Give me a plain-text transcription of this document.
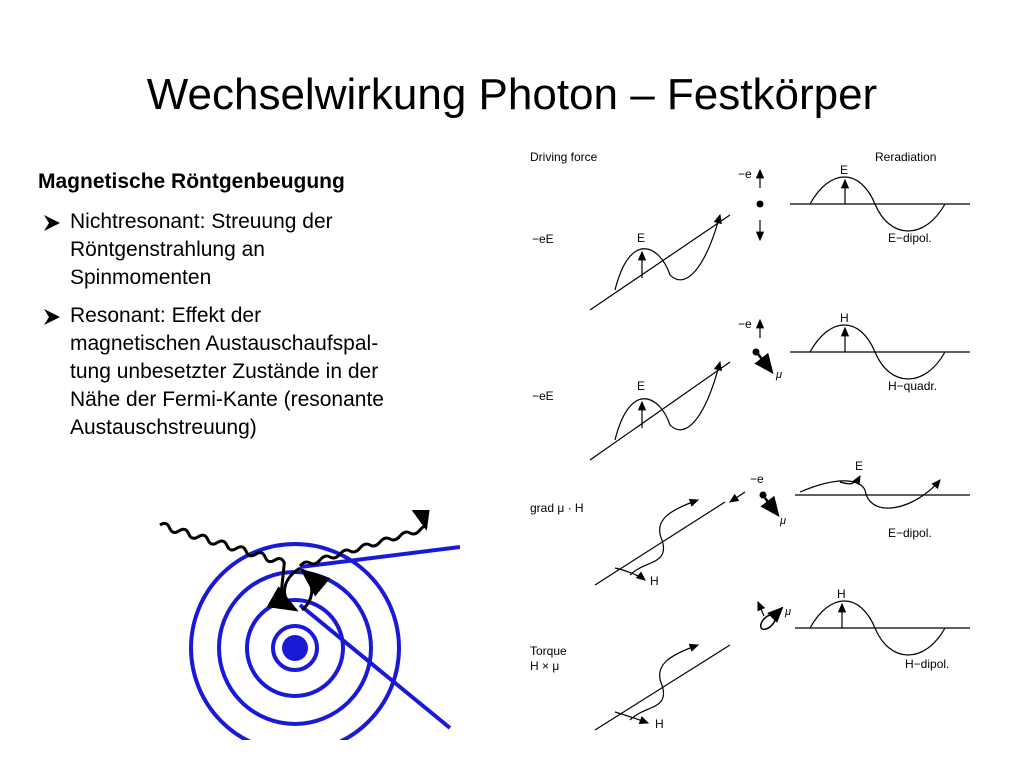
Wechselwirkung Photon – Festkörper

Magnetische Röntgenbeugung

Nichtresonant: Streuung der
Röntgenstrahlung an
Spinmomenten
Resonant: Effekt der
magnetischen Austauschaufspal-
tung unbesetzter Zustände in der
Nähe der Fermi-Kante (resonante
Austauschstreuung)
Driving force	Reradiation
−eE	E
−e	E
E−dipol.
−eE
E
−e
μ
H
H−quadr.
grad μ · H
H
−e
μ
E
E−dipol.
Torque
H × μ
H
μ
H
H−dipol.
